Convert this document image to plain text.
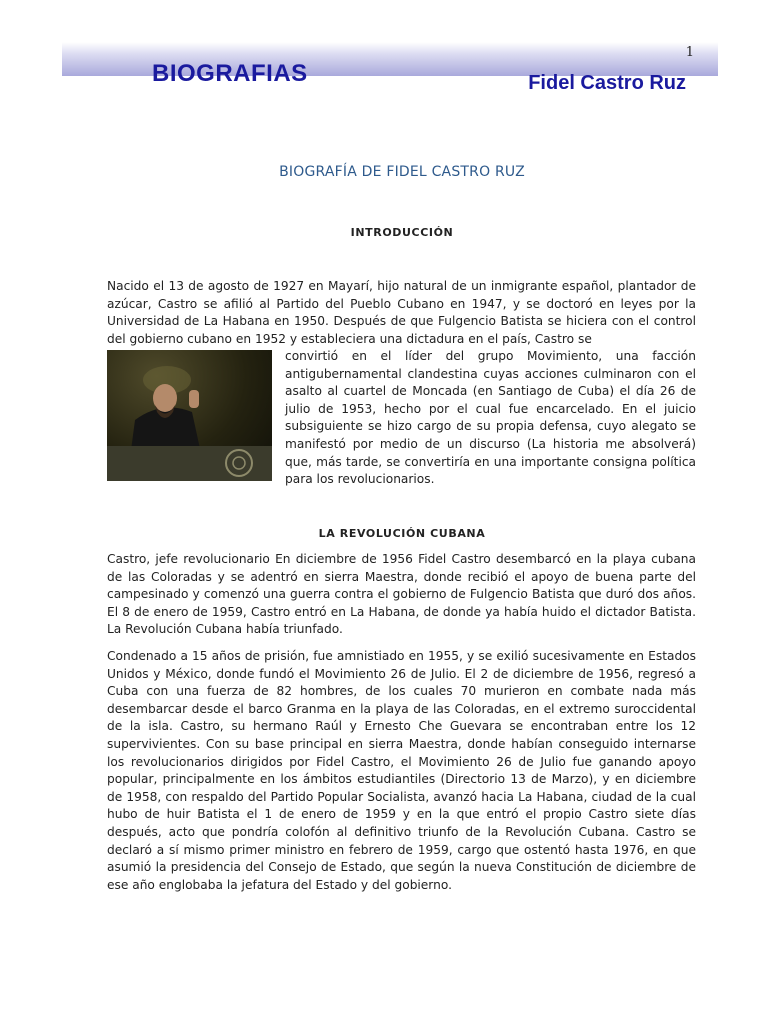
1
BIOGRAFIAS	Fidel Castro Ruz
BIOGRAFÍA DE FIDEL CASTRO RUZ
INTRODUCCIÓN

Nacido el 13 de agosto de 1927 en Mayarí, hijo natural de un inmigrante español, plantador de azúcar, Castro se afilió al Partido del Pueblo Cubano en 1947, y se doctoró en leyes por la Universidad de La Habana en 1950. Después de que Fulgencio Batista se hiciera con el control del gobierno cubano en 1952 y estableciera una dictadura en el país, Castro se

convirtió en el líder del grupo Movimiento, una facción antigubernamental clandestina cuyas acciones culminaron con el asalto al cuartel de Moncada (en Santiago de Cuba) el día 26 de julio de 1953, hecho por el cual fue encarcelado. En el juicio subsiguiente se hizo cargo de su propia defensa, cuyo alegato se manifestó por medio de un discurso (La historia me absolverá) que, más tarde, se convertiría en una importante consigna política para los revolucionarios.

LA REVOLUCIÓN CUBANA

Castro, jefe revolucionario En diciembre de 1956 Fidel Castro desembarcó en la playa cubana de las Coloradas y se adentró en sierra Maestra, donde recibió el apoyo de buena parte del campesinado y comenzó una guerra contra el gobierno de Fulgencio Batista que duró dos años. El 8 de enero de 1959, Castro entró en La Habana, de donde ya había huido el dictador Batista. La Revolución Cubana había triunfado.

Condenado a 15 años de prisión, fue amnistiado en 1955, y se exilió sucesivamente en Estados Unidos y México, donde fundó el Movimiento 26 de Julio. El 2 de diciembre de 1956, regresó a Cuba con una fuerza de 82 hombres, de los cuales 70 murieron en combate nada más desembarcar desde el barco Granma en la playa de las Coloradas, en el extremo suroccidental de la isla. Castro, su hermano Raúl y Ernesto Che Guevara se encontraban entre los 12 supervivientes. Con su base principal en sierra Maestra, donde habían conseguido internarse los revolucionarios dirigidos por Fidel Castro, el Movimiento 26 de Julio fue ganando apoyo popular, principalmente en los ámbitos estudiantiles (Directorio 13 de Marzo), y en diciembre de 1958, con respaldo del Partido Popular Socialista, avanzó hacia La Habana, ciudad de la cual hubo de huir Batista el 1 de enero de 1959 y en la que entró el propio Castro siete días después, acto que pondría colofón al definitivo triunfo de la Revolución Cubana. Castro se declaró a sí mismo primer ministro en febrero de 1959, cargo que ostentó hasta 1976, en que asumió la presidencia del Consejo de Estado, que según la nueva Constitución de diciembre de ese año englobaba la jefatura del Estado y del gobierno.
